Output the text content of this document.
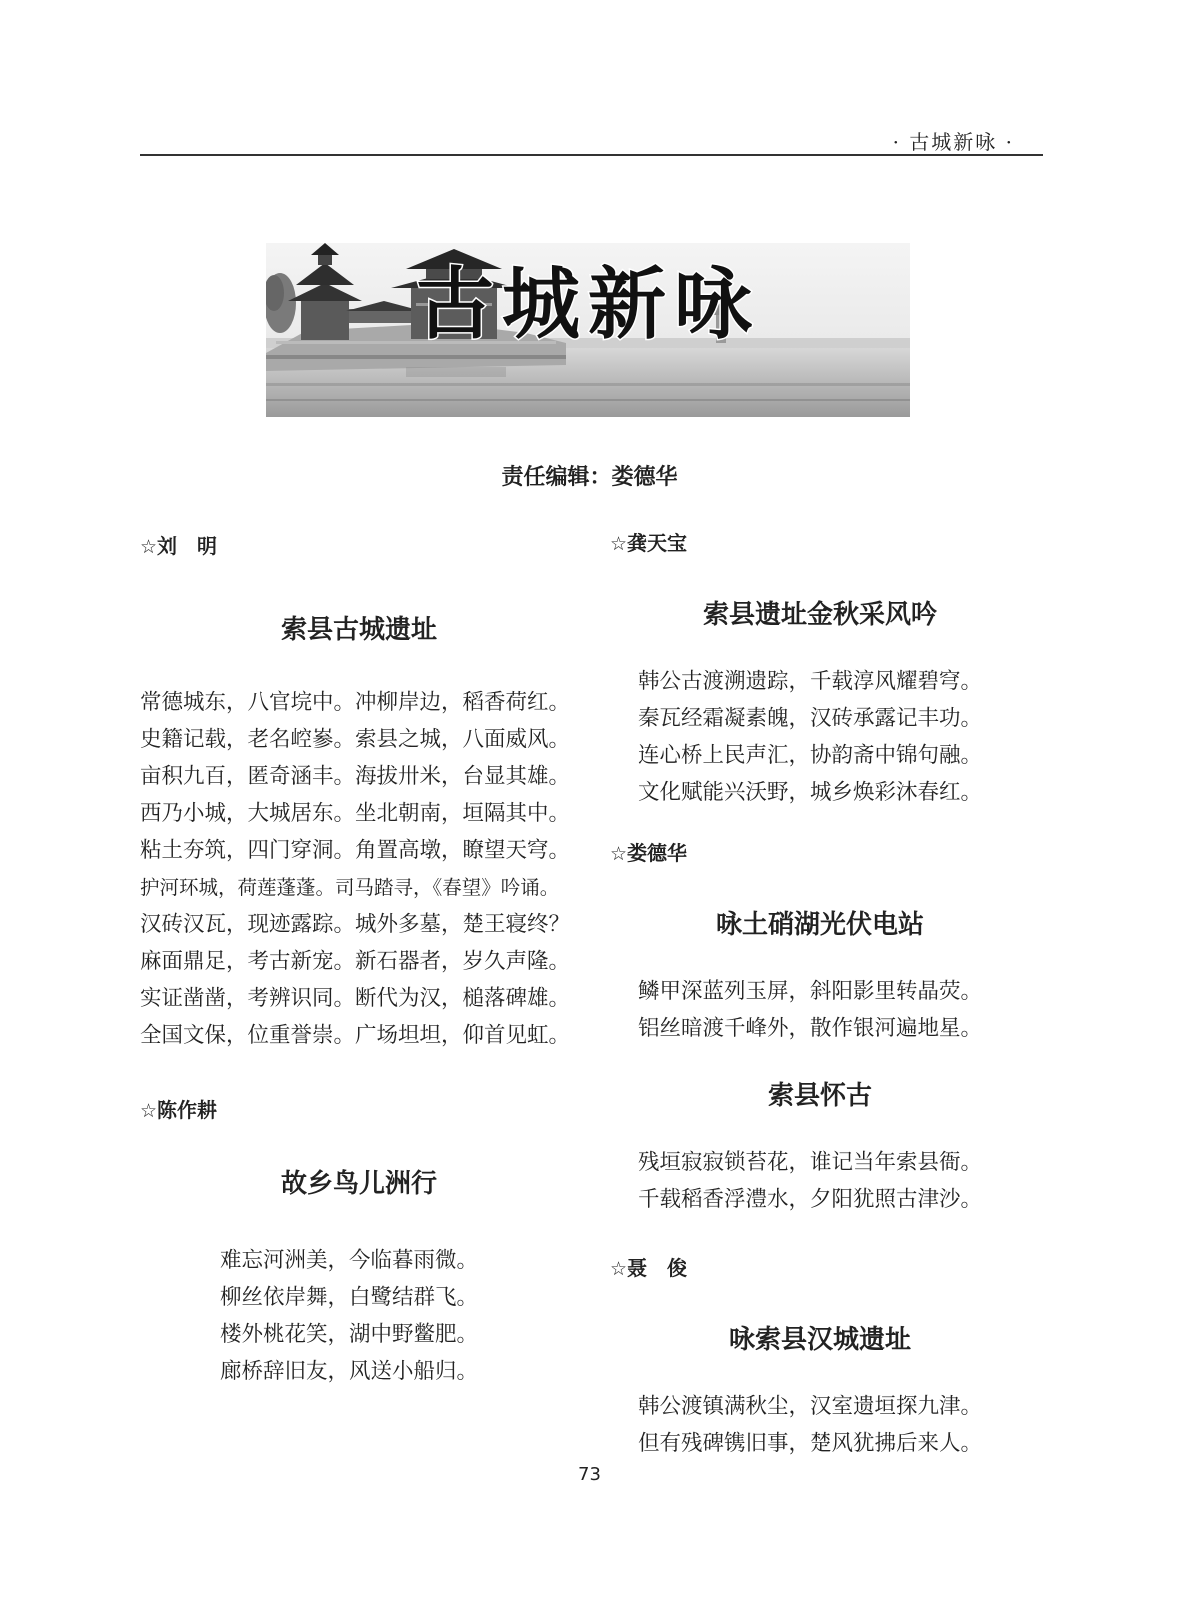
· 古城新咏 ·
古城新咏
责任编辑：娄德华

☆刘　明

索县古城遗址

常德城东，八官垸中。冲柳岸边，稻香荷红。

史籍记载，老名崆㟥。索县之城，八面威风。

亩积九百，匿奇涵丰。海拔卅米，台显其雄。

西乃小城，大城居东。坐北朝南，垣隔其中。

粘土夯筑，四门穿洞。角置高墩，瞭望天穹。

护河环城，荷莲蓬蓬。司马踏寻，《春望》吟诵。

汉砖汉瓦，现迹露踪。城外多墓，楚王寝终？

麻面鼎足，考古新宠。新石器者，岁久声隆。

实证凿凿，考辨识同。断代为汉，槌落碑雄。

全国文保，位重誉崇。广场坦坦，仰首见虹。

☆陈作耕

故乡鸟儿洲行

难忘河洲美，今临暮雨微。

柳丝依岸舞，白鹭结群飞。

楼外桃花笑，湖中野鳖肥。

廊桥辞旧友，风送小船归。

☆龚天宝

索县遗址金秋采风吟

韩公古渡溯遗踪，千载淳风耀碧穹。

秦瓦经霜凝素魄，汉砖承露记丰功。

连心桥上民声汇，协韵斋中锦句融。

文化赋能兴沃野，城乡焕彩沐春红。

☆娄德华

咏土硝湖光伏电站

鳞甲深蓝列玉屏，斜阳影里转晶荧。

铝丝暗渡千峰外，散作银河遍地星。

索县怀古

残垣寂寂锁苔花，谁记当年索县衙。

千载稻香浮澧水，夕阳犹照古津沙。

☆聂　俊

咏索县汉城遗址

韩公渡镇满秋尘，汉室遗垣探九津。

但有残碑镌旧事，楚风犹拂后来人。

73
